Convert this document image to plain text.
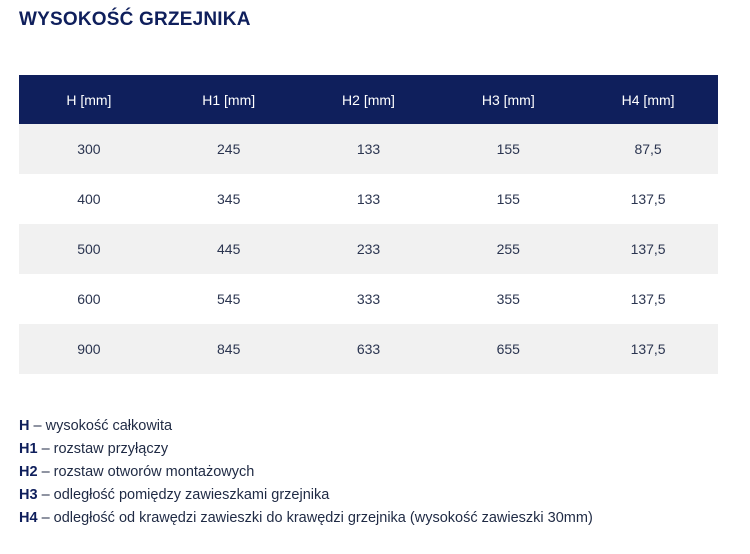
WYSOKOŚĆ GRZEJNIKA
H [mm]	H1 [mm]	H2 [mm]	H3 [mm]	H4 [mm]
300	245	133	155	87,5
400	345	133	155	137,5
500	445	233	255	137,5
600	545	333	355	137,5
900	845	633	655	137,5
H – wysokość całkowita
H1 – rozstaw przyłączy
H2 – rozstaw otworów montażowych
H3 – odległość pomiędzy zawieszkami grzejnika
H4 – odległość od krawędzi zawieszki do krawędzi grzejnika (wysokość zawieszki 30mm)
